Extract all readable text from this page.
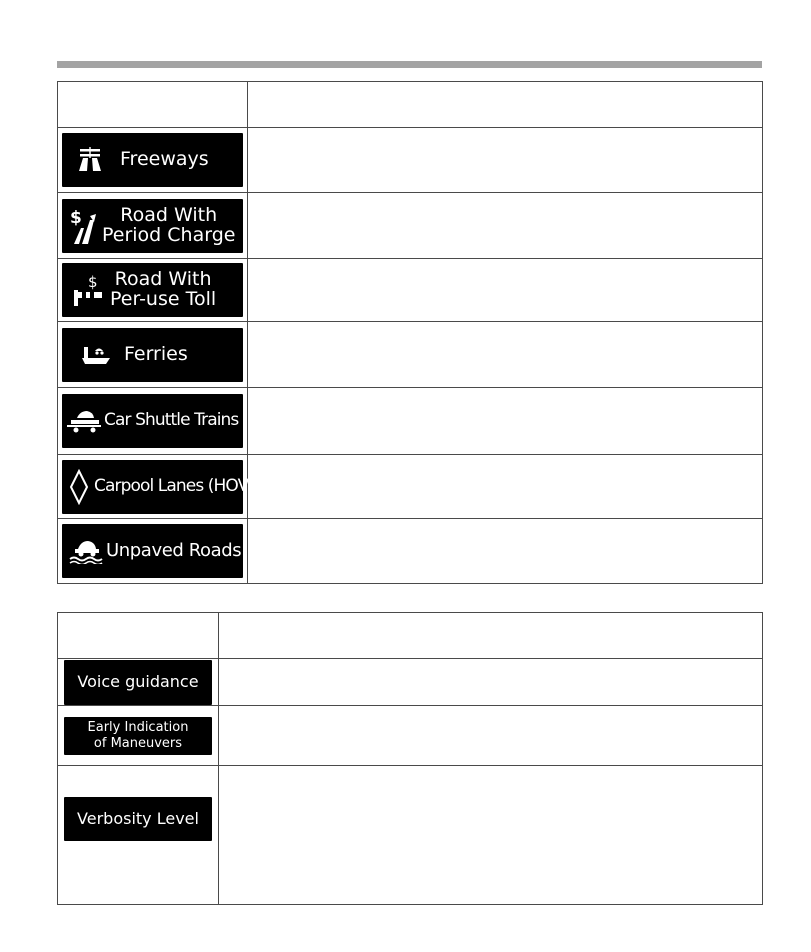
Freeways	

$ Road With
Period Charge	

$ Road With
Per-use Toll	

Ferries	

Car Shuttle Trains	

Carpool Lanes (HOV)	

Unpaved Roads	

Voice guidance	

Early Indication
of Maneuvers	

Verbosity Level	
